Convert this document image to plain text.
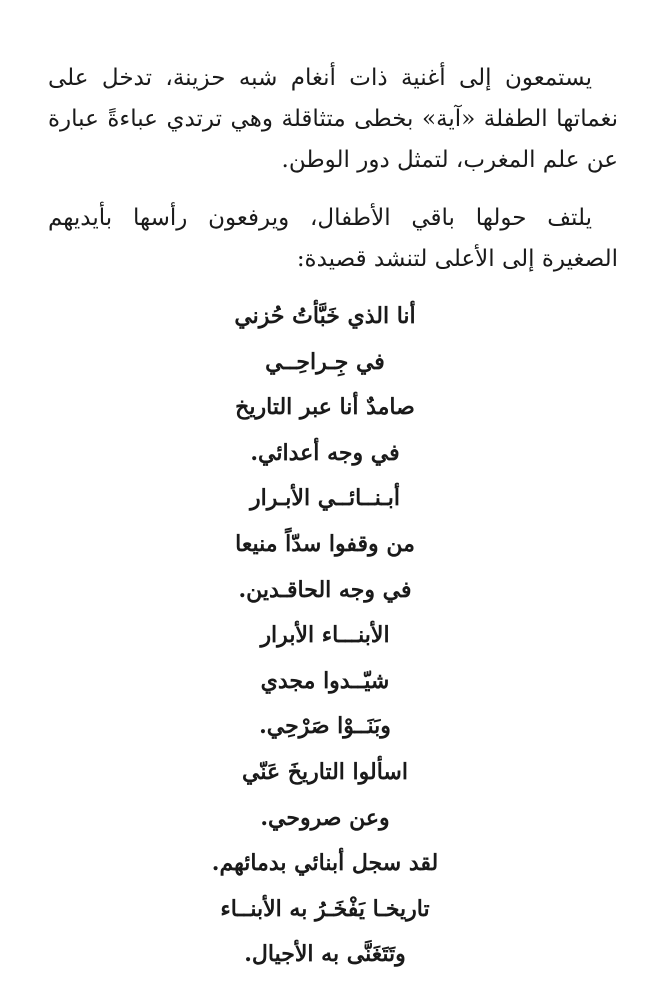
يستمعون إلى أغنية ذات أنغام شبه حزينة، تدخل على نغماتها الطفلة «آية» بخطى متثاقلة وهي ترتدي عباءةً عبارة عن علم المغرب، لتمثل دور الوطن.

يلتف حولها باقي الأطفال، ويرفعون رأسها بأيديهم الصغيرة إلى الأعلى لتنشد قصيدة:

أنا الذي خَبَّأتُ حُزني
في جِـراحِــي
صامدٌ أنا عبر التاريخ
في وجه أعدائي.
أبـنــائــي الأبـرار
من وقفوا سدّاً منيعا
في وجه الحاقـدين.
الأبنـــاء الأبرار
شيّــدوا مجدي
وبَنَــوْا صَرْحِي.
اسألوا التاريخَ عَنّي
وعن صروحي.
لقد سجل أبنائي بدمائهم.
تاريخـا يَفْخَـرُ به الأبنــاء
وتَتَغَنَّى به الأجيال.
